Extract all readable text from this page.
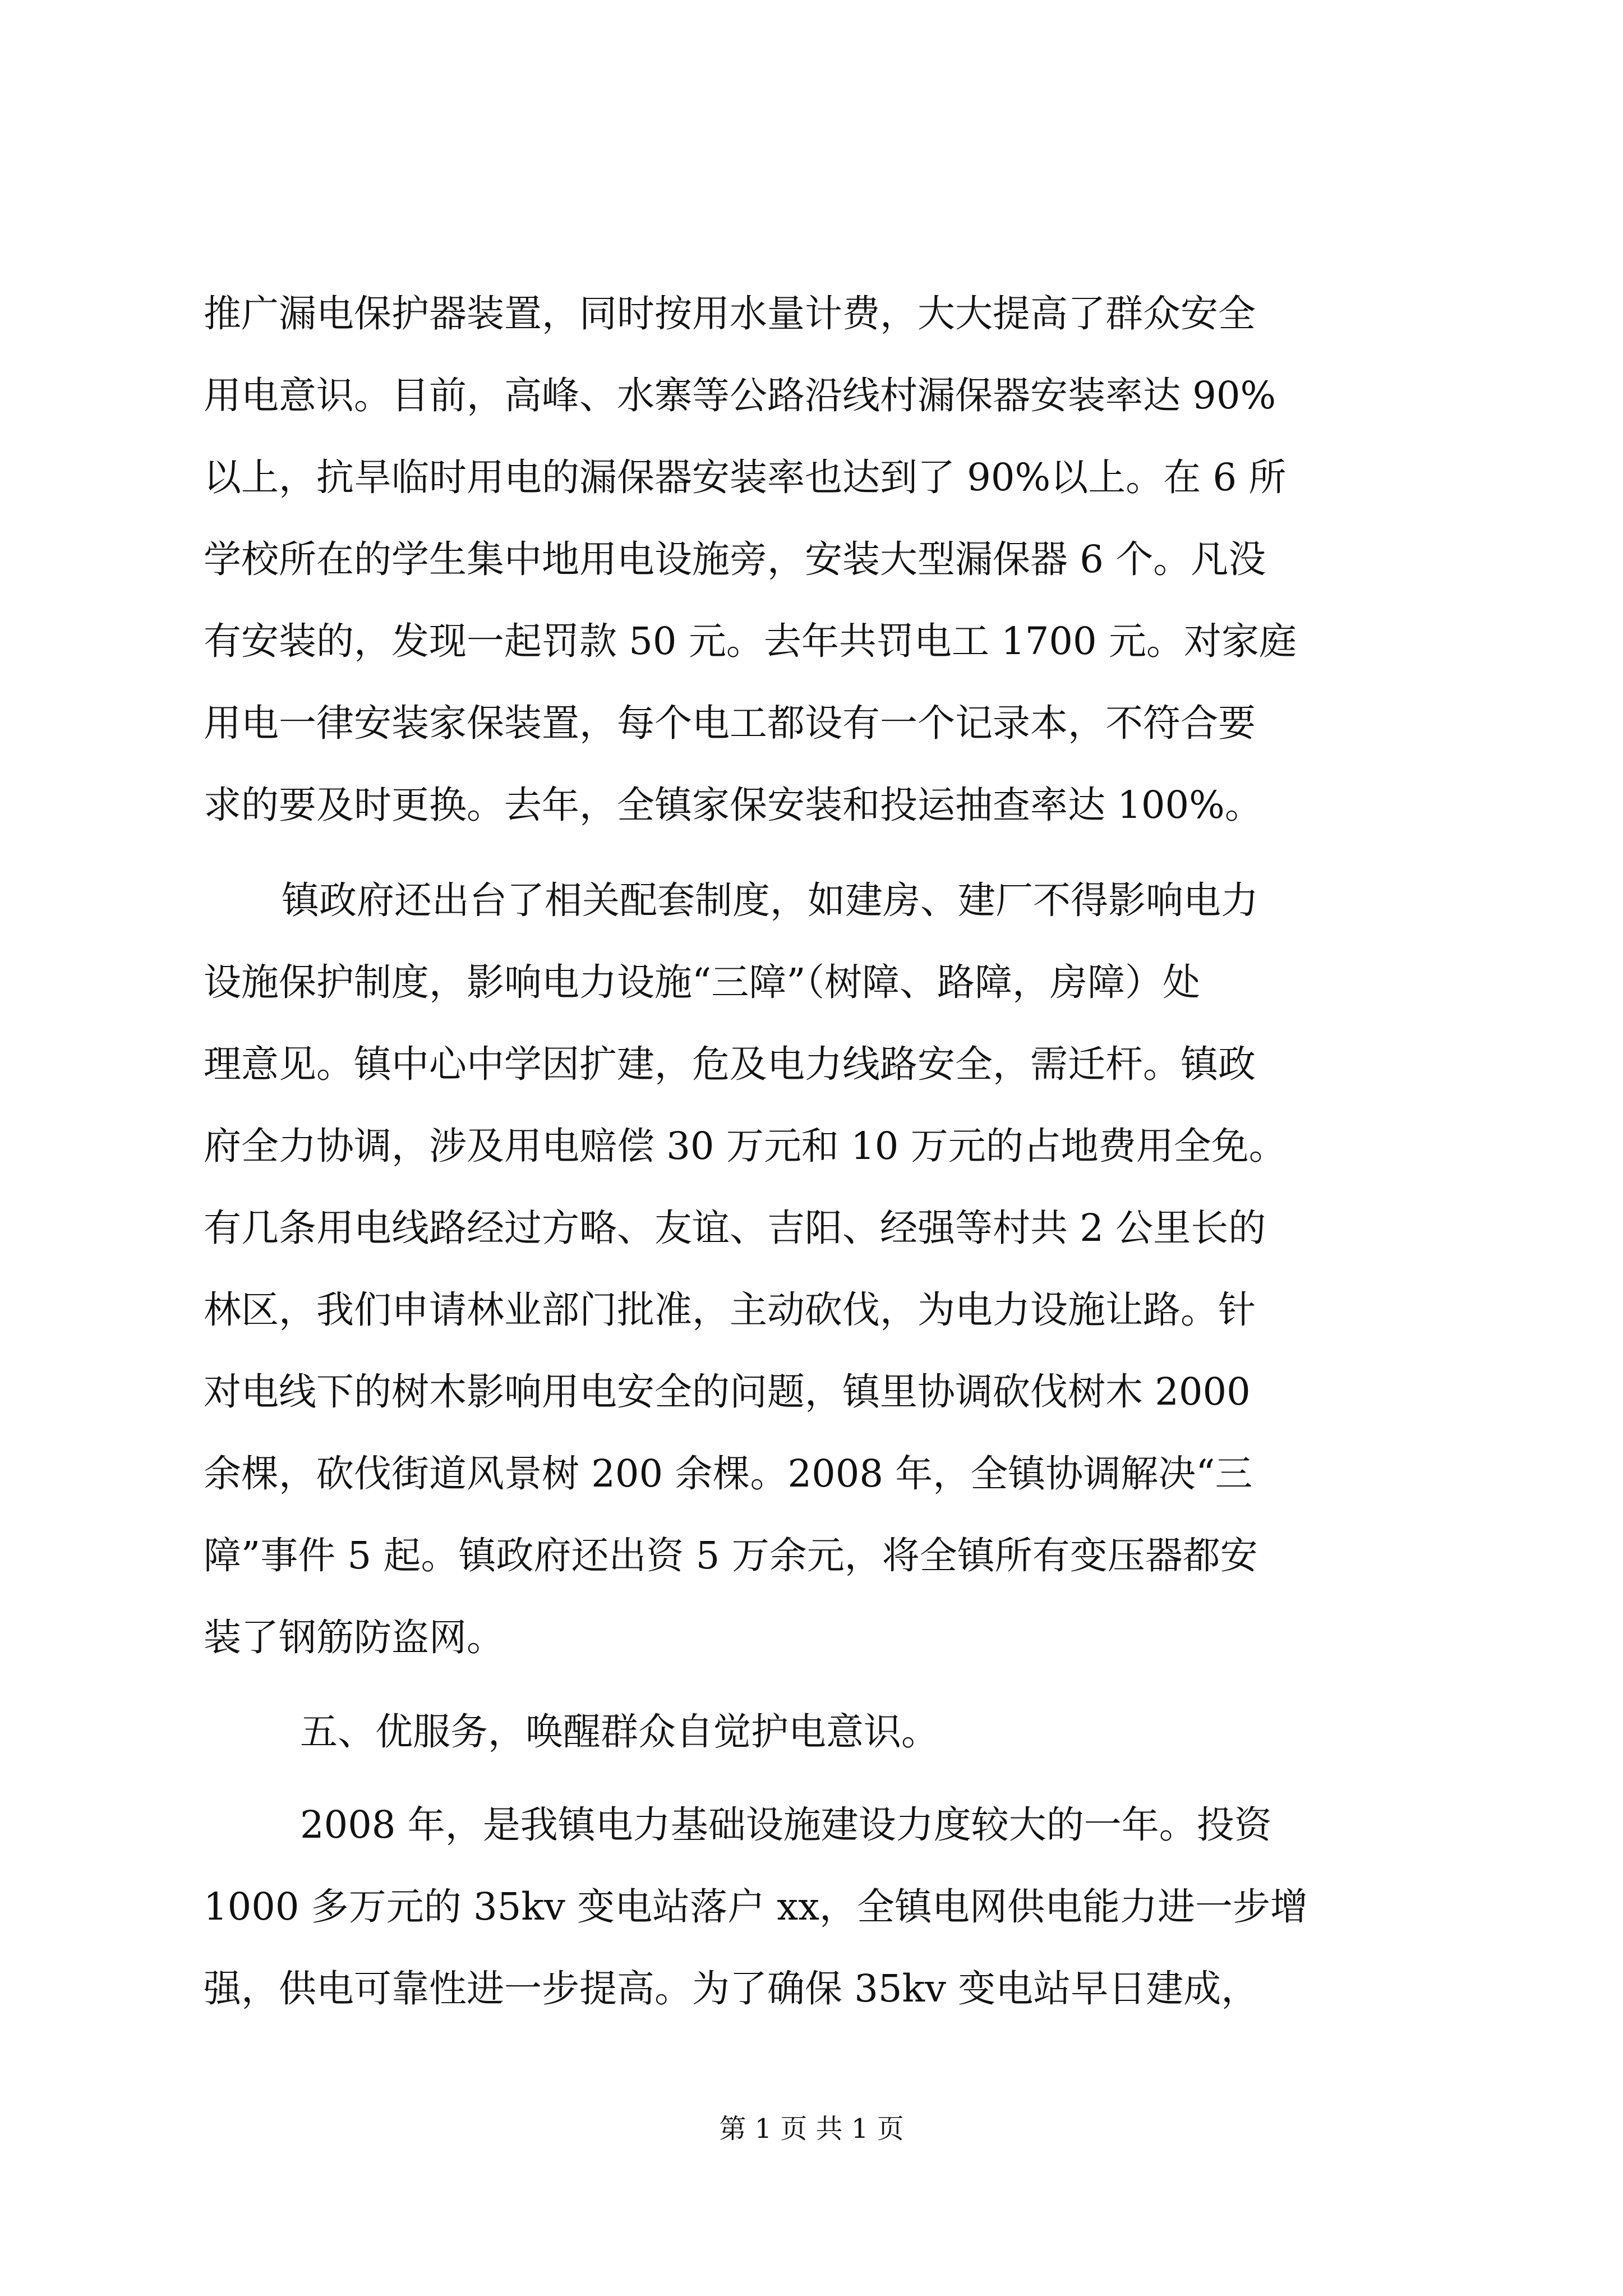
推广漏电保护器装置，同时按用水量计费，大大提高了群众安全
用电意识。目前，高峰、水寨等公路沿线村漏保器安装率达 90%
以上，抗旱临时用电的漏保器安装率也达到了 90%以上。在 6 所
学校所在的学生集中地用电设施旁，安装大型漏保器 6 个。凡没
有安装的，发现一起罚款 50 元。去年共罚电工 1700 元。对家庭
用电一律安装家保装置，每个电工都设有一个记录本，不符合要
求的要及时更换。去年，全镇家保安装和投运抽查率达 100%。
镇政府还出台了相关配套制度，如建房、建厂不得影响电力
设施保护制度，影响电力设施“三障”（树障、路障，房障）处
理意见。镇中心中学因扩建，危及电力线路安全，需迁杆。镇政
府全力协调，涉及用电赔偿 30 万元和 10 万元的占地费用全免。
有几条用电线路经过方略、友谊、吉阳、经强等村共 2 公里长的
林区，我们申请林业部门批准，主动砍伐，为电力设施让路。针
对电线下的树木影响用电安全的问题，镇里协调砍伐树木 2000
余棵，砍伐街道风景树 200 余棵。2008 年，全镇协调解决“三
障”事件 5 起。镇政府还出资 5 万余元，将全镇所有变压器都安
装了钢筋防盗网。
五、优服务，唤醒群众自觉护电意识。
2008 年，是我镇电力基础设施建设力度较大的一年。投资
1000 多万元的 35kv 变电站落户 xx，全镇电网供电能力进一步增
强，供电可靠性进一步提高。为了确保 35kv 变电站早日建成，
第 1 页 共 1 页
